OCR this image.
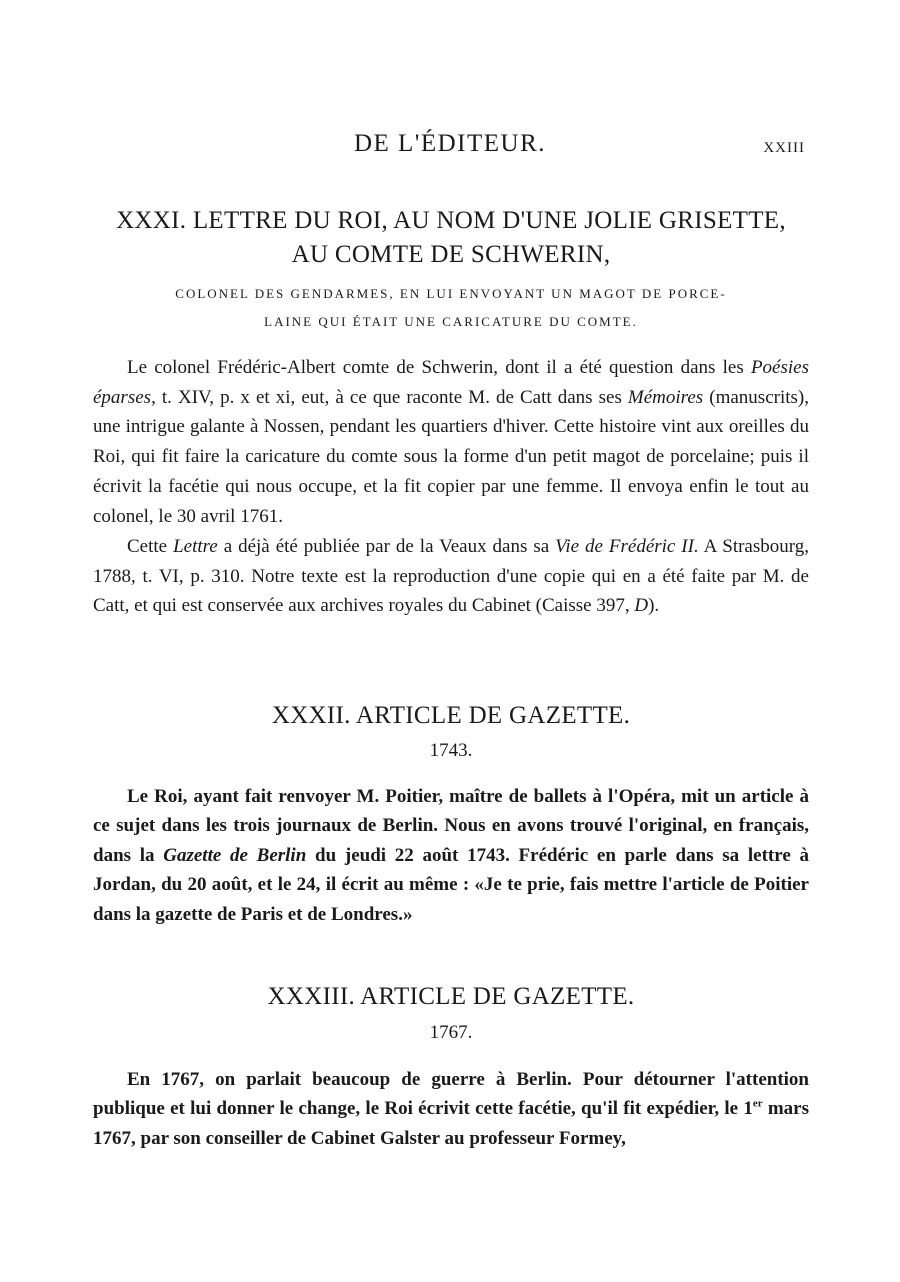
DE L'ÉDITEUR.	XXIII
XXXI. LETTRE DU ROI, AU NOM D'UNE JOLIE GRISETTE,
AU COMTE DE SCHWERIN,
COLONEL DES GENDARMES, EN LUI ENVOYANT UN MAGOT DE PORCE-
LAINE QUI ÉTAIT UNE CARICATURE DU COMTE.

Le colonel Frédéric-Albert comte de Schwerin, dont il a été question dans les Poésies éparses, t. XIV, p. x et xi, eut, à ce que raconte M. de Catt dans ses Mémoires (manuscrits), une intrigue galante à Nossen, pendant les quartiers d'hiver. Cette histoire vint aux oreilles du Roi, qui fit faire la caricature du comte sous la forme d'un petit magot de porcelaine; puis il écrivit la facétie qui nous occupe, et la fit copier par une femme. Il envoya enfin le tout au colonel, le 30 avril 1761.

Cette Lettre a déjà été publiée par de la Veaux dans sa Vie de Frédéric II. A Strasbourg, 1788, t. VI, p. 310. Notre texte est la reproduction d'une copie qui en a été faite par M. de Catt, et qui est conservée aux archives royales du Cabinet (Caisse 397, D).

XXXII. ARTICLE DE GAZETTE.
1743.

Le Roi, ayant fait renvoyer M. Poitier, maître de ballets à l'Opéra, mit un article à ce sujet dans les trois journaux de Berlin. Nous en avons trouvé l'original, en français, dans la Gazette de Berlin du jeudi 22 août 1743. Frédéric en parle dans sa lettre à Jordan, du 20 août, et le 24, il écrit au même : «Je te prie, fais mettre l'article de Poitier dans la gazette de Paris et de Londres.»

XXXIII. ARTICLE DE GAZETTE.
1767.

En 1767, on parlait beaucoup de guerre à Berlin. Pour détourner l'attention publique et lui donner le change, le Roi écrivit cette facétie, qu'il fit expédier, le 1er mars 1767, par son conseiller de Cabinet Galster au professeur Formey,
